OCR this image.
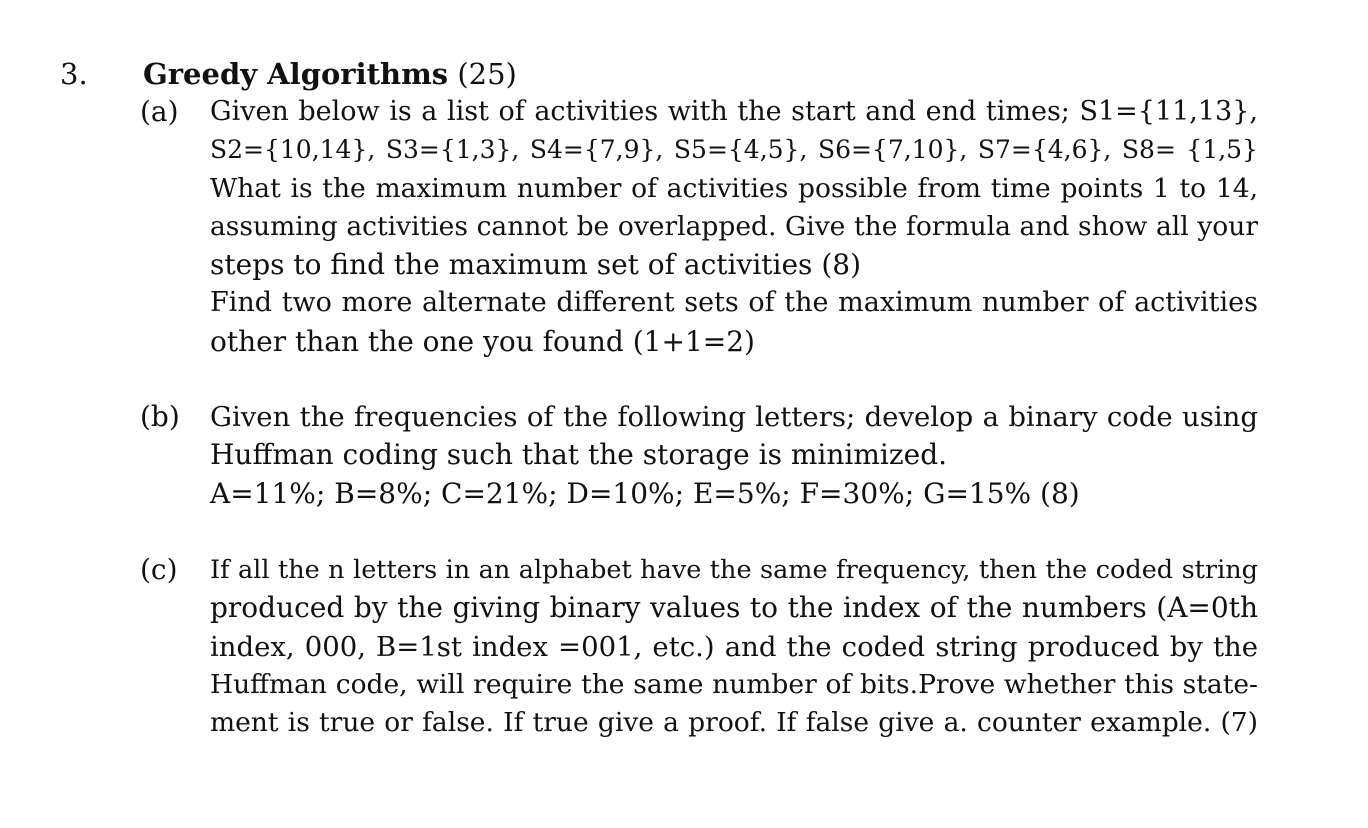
3. Greedy Algorithms (25)
(a) Given below is a list of activities with the start and end times; S1={11,13},
S2={10,14}, S3={1,3}, S4={7,9}, S5={4,5}, S6={7,10}, S7={4,6}, S8= {1,5}
What is the maximum number of activities possible from time points 1 to 14,
assuming activities cannot be overlapped. Give the formula and show all your
steps to find the maximum set of activities (8)
Find two more alternate different sets of the maximum number of activities
other than the one you found (1+1=2)
(b) Given the frequencies of the following letters; develop a binary code using
Huffman coding such that the storage is minimized.
A=11%; B=8%; C=21%; D=10%; E=5%; F=30%; G=15% (8)
(c) If all the n letters in an alphabet have the same frequency, then the coded string
produced by the giving binary values to the index of the numbers (A=0th
index, 000, B=1st index =001, etc.) and the coded string produced by the
Huffman code, will require the same number of bits.Prove whether this state-
ment is true or false. If true give a proof. If false give a. counter example. (7)
